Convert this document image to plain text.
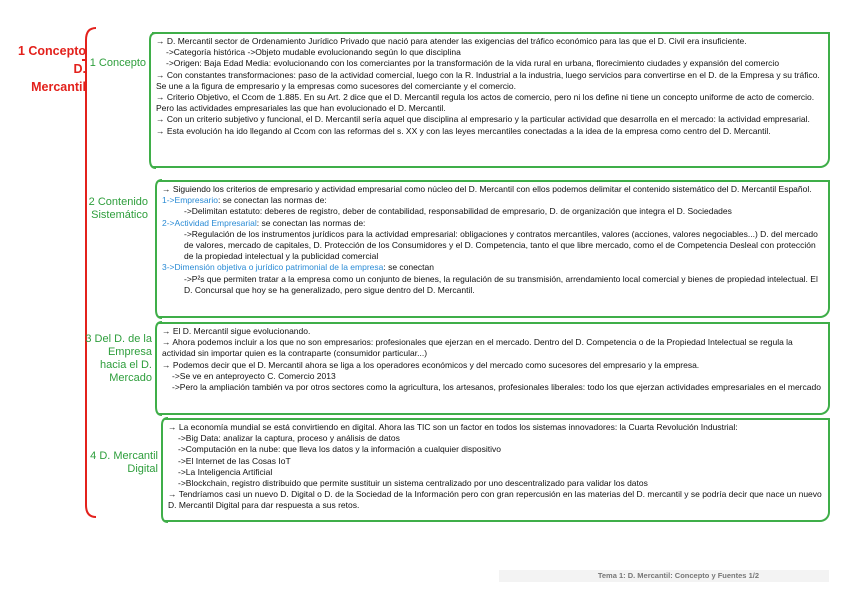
1 Concepto
D.
Mercantil
1 Concepto
→ D. Mercantil sector de Ordenamiento Jurídico Privado que nació para atender las exigencias del tráfico económico para las que el D. Civil era insuficiente.
->Categoría histórica ->Objeto mudable evolucionando según lo que disciplina
->Origen: Baja Edad Media: evolucionando con los comerciantes por la transformación de la vida rural en urbana, florecimiento ciudades y expansión del comercio
→ Con constantes transformaciones: paso de la actividad comercial, luego con la R. Industrial a la industria, luego servicios para convertirse en el D. de la Empresa y su tráfico. Se une a la figura de empresario y la empresas como sucesores del comerciante y el comercio.
→ Criterio Objetivo, el Ccom de 1.885. En su Art. 2 dice que el D. Mercantil regula los actos de comercio, pero ni los define ni tiene un concepto uniforme de acto de comercio. Pero las actividades empresariales las que han evolucionado el D. Mercantil.
→ Con un criterio subjetivo y funcional, el D. Mercantil sería aquel que disciplina al empresario y la particular actividad que desarrolla en el mercado: la actividad empresarial.
→ Esta evolución ha ido llegando al Ccom con las reformas del s. XX y con las leyes mercantiles conectadas a la idea de la empresa como centro del D. Mercantil.
2 Contenido Sistemático
→ Siguiendo los criterios de empresario y actividad empresarial como núcleo del D. Mercantil con ellos podemos delimitar el contenido sistemático del D. Mercantil Español.
1->Empresario: se conectan las normas de:
->Delimitan estatuto: deberes de registro, deber de contabilidad, responsabilidad de empresario, D. de organización que integra el D. Sociedades
2->Actividad Empresarial: se conectan las normas de:
->Regulación de los instrumentos jurídicos para la actividad empresarial: obligaciones y contratos mercantiles, valores (acciones, valores negociables...) D. del mercado de valores, mercado de capitales, D. Protección de los Consumidores y el D. Competencia, tanto el que libre mercado, como el de Competencia Desleal con protección de la propiedad intelectual y la publicidad comercial
3->Dimensión objetiva o jurídico patrimonial de la empresa: se conectan
->P²s que permiten tratar a la empresa como un conjunto de bienes, la regulación de su transmisión, arrendamiento local comercial y bienes de propiedad intelectual. El D. Concursal que hoy se ha generalizado, pero sigue dentro del D. Mercantil.
3 Del D. de la Empresa hacia el D. Mercado
→ El D. Mercantil sigue evolucionando.
→ Ahora podemos incluir a los que no son empresarios: profesionales que ejerzan en el mercado. Dentro del D. Competencia o de la Propiedad Intelectual se regula la actividad sin importar quien es la contraparte (consumidor particular...)
→ Podemos decir que el D. Mercantil ahora se liga a los operadores económicos y del mercado como sucesores del empresario y la empresa.
->Se ve en anteproyecto C. Comercio 2013
->Pero la ampliación también va por otros sectores como la agricultura, los artesanos, profesionales liberales: todo los que ejerzan actividades empresariales en el mercado
4 D. Mercantil Digital
→ La economía mundial se está convirtiendo en digital. Ahora las TIC son un factor en todos los sistemas innovadores: la Cuarta Revolución Industrial:
->Big Data: analizar la captura, proceso y análisis de datos
->Computación en la nube: que lleva los datos y la información a cualquier dispositivo
->El Internet de las Cosas IoT
->La Inteligencia Artificial
->Blockchain, registro distribuido que permite sustituir un sistema centralizado por uno descentralizado para validar los datos
→ Tendríamos casi un nuevo D. Digital o D. de la Sociedad de la Información pero con gran repercusión en las materias del D. mercantil y se podría decir que nace un nuevo D. Mercantil Digital para dar respuesta a sus retos.
Tema 1: D. Mercantil: Concepto y Fuentes 1/2
